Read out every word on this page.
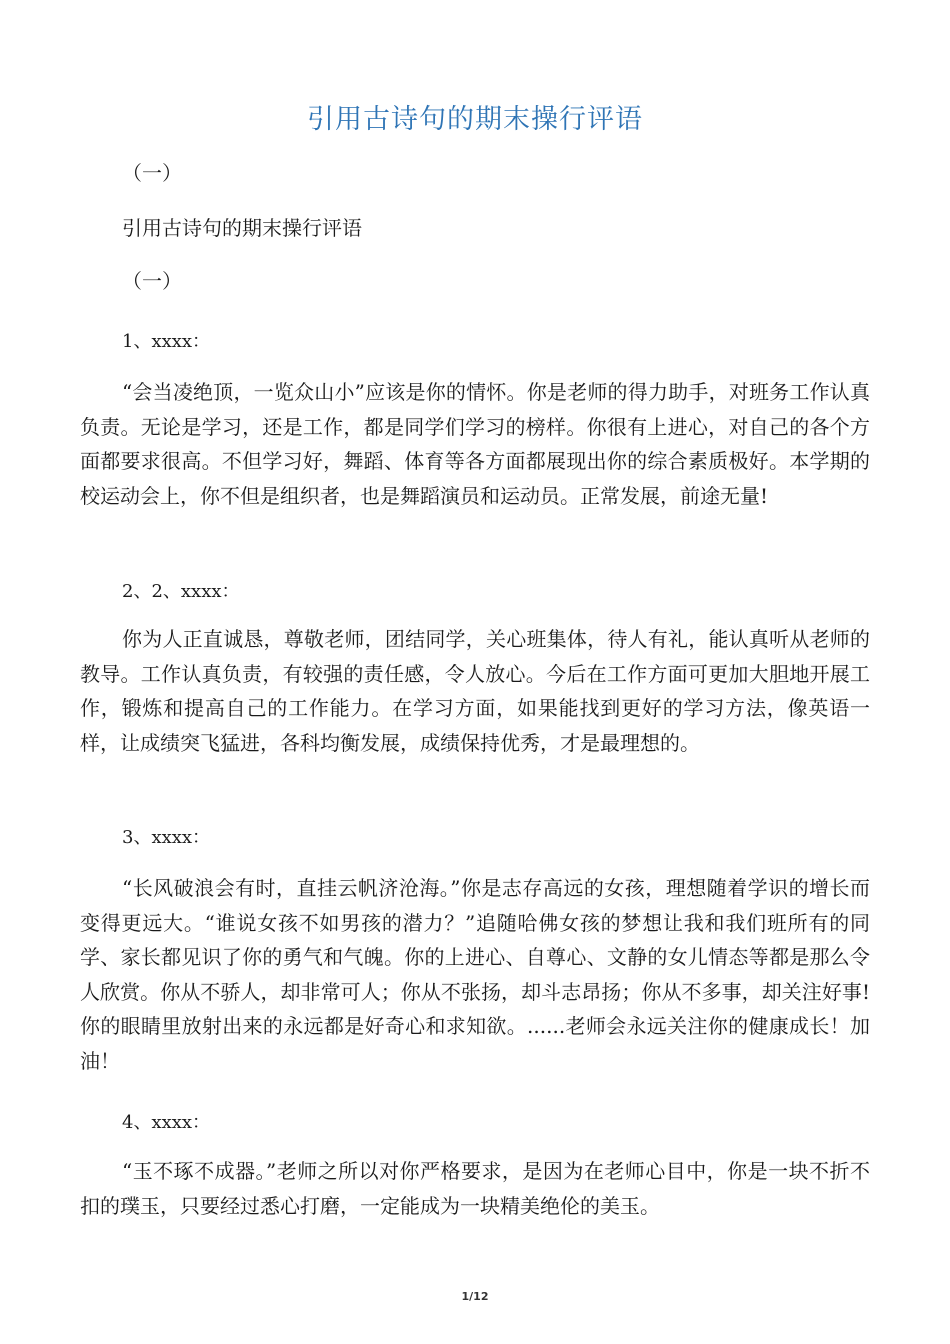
引用古诗句的期末操行评语
（一）
引用古诗句的期末操行评语
（一）
1、xxxx：

“会当凌绝顶，一览众山小”应该是你的情怀。你是老师的得力助手，对班务工作认真负责。无论是学习，还是工作，都是同学们学习的榜样。你很有上进心，对自己的各个方面都要求很高。不但学习好，舞蹈、体育等各方面都展现出你的综合素质极好。本学期的校运动会上，你不但是组织者，也是舞蹈演员和运动员。正常发展，前途无量!

2、2、xxxx：

你为人正直诚恳，尊敬老师，团结同学，关心班集体，待人有礼，能认真听从老师的教导。工作认真负责，有较强的责任感，令人放心。今后在工作方面可更加大胆地开展工作，锻炼和提高自己的工作能力。在学习方面，如果能找到更好的学习方法，像英语一样，让成绩突飞猛进，各科均衡发展，成绩保持优秀，才是最理想的。

3、xxxx：

“长风破浪会有时，直挂云帆济沧海。”你是志存高远的女孩，理想随着学识的增长而变得更远大。“谁说女孩不如男孩的潜力？”追随哈佛女孩的梦想让我和我们班所有的同学、家长都见识了你的勇气和气魄。你的上进心、自尊心、文静的女儿情态等都是那么令人欣赏。你从不骄人，却非常可人；你从不张扬，却斗志昂扬；你从不多事，却关注好事!你的眼睛里放射出来的永远都是好奇心和求知欲。......老师会永远关注你的健康成长！加油！

4、xxxx：

“玉不琢不成器。”老师之所以对你严格要求，是因为在老师心目中，你是一块不折不扣的璞玉，只要经过悉心打磨，一定能成为一块精美绝伦的美玉。

1/12
